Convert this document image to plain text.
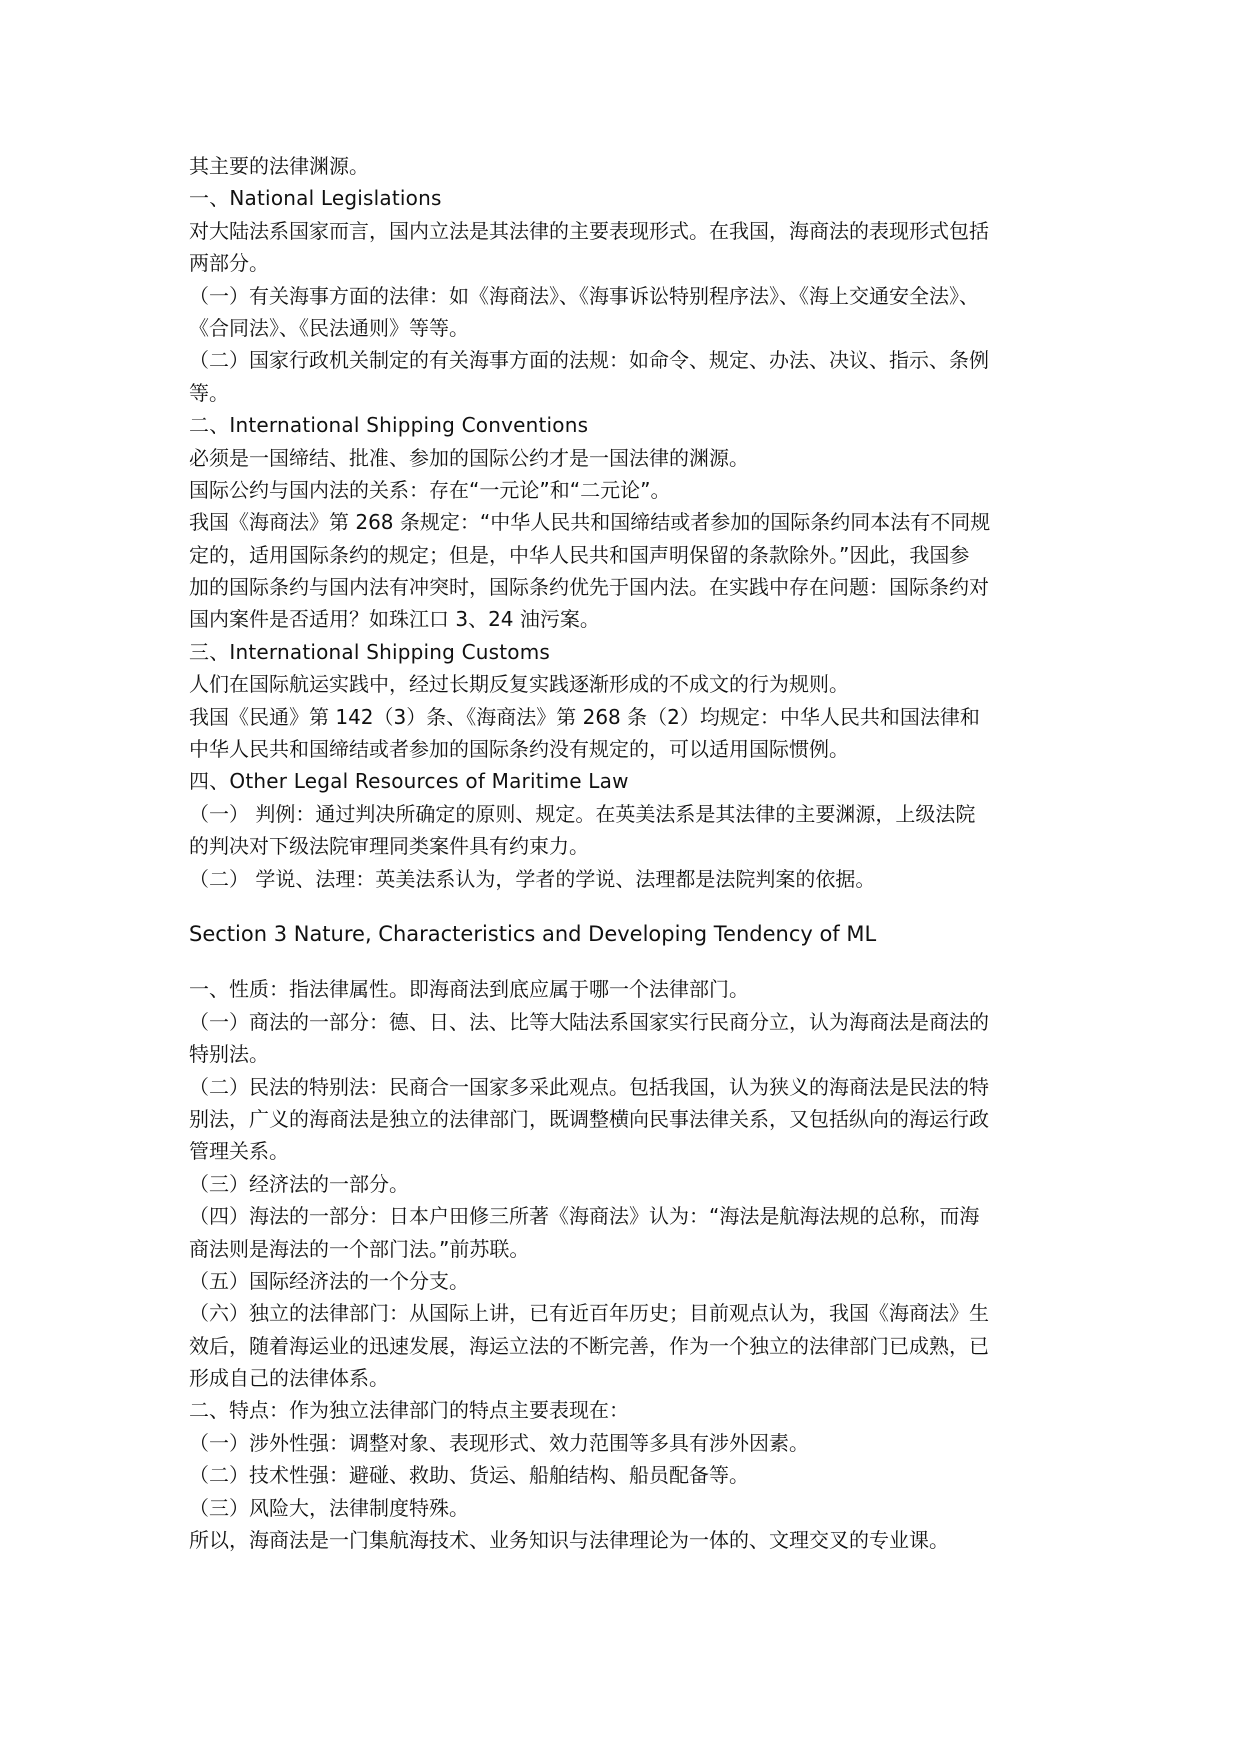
其主要的法律渊源。
一、National Legislations
对大陆法系国家而言，国内立法是其法律的主要表现形式。在我国，海商法的表现形式包括
两部分。
（一）有关海事方面的法律：如《海商法》、《海事诉讼特别程序法》、《海上交通安全法》、
《合同法》、《民法通则》等等。
（二）国家行政机关制定的有关海事方面的法规：如命令、规定、办法、决议、指示、条例
等。
二、International Shipping Conventions
必须是一国缔结、批准、参加的国际公约才是一国法律的渊源。
国际公约与国内法的关系：存在“一元论”和“二元论”。
我国《海商法》第 268 条规定：“中华人民共和国缔结或者参加的国际条约同本法有不同规
定的，适用国际条约的规定；但是，中华人民共和国声明保留的条款除外。”因此，我国参
加的国际条约与国内法有冲突时，国际条约优先于国内法。在实践中存在问题：国际条约对
国内案件是否适用？如珠江口 3、24 油污案。
三、International Shipping Customs
人们在国际航运实践中，经过长期反复实践逐渐形成的不成文的行为规则。
我国《民通》第 142（3）条、《海商法》第 268 条（2）均规定：中华人民共和国法律和
中华人民共和国缔结或者参加的国际条约没有规定的，可以适用国际惯例。
四、Other Legal Resources of Maritime Law
（一） 判例：通过判决所确定的原则、规定。在英美法系是其法律的主要渊源，上级法院
的判决对下级法院审理同类案件具有约束力。
（二） 学说、法理：英美法系认为，学者的学说、法理都是法院判案的依据。
Section 3 Nature, Characteristics and Developing Tendency of ML
一、性质：指法律属性。即海商法到底应属于哪一个法律部门。
（一）商法的一部分：德、日、法、比等大陆法系国家实行民商分立，认为海商法是商法的
特别法。
（二）民法的特别法：民商合一国家多采此观点。包括我国，认为狭义的海商法是民法的特
别法，广义的海商法是独立的法律部门，既调整横向民事法律关系，又包括纵向的海运行政
管理关系。
（三）经济法的一部分。
（四）海法的一部分：日本户田修三所著《海商法》认为：“海法是航海法规的总称，而海
商法则是海法的一个部门法。”前苏联。
（五）国际经济法的一个分支。
（六）独立的法律部门：从国际上讲，已有近百年历史；目前观点认为，我国《海商法》生
效后，随着海运业的迅速发展，海运立法的不断完善，作为一个独立的法律部门已成熟，已
形成自己的法律体系。
二、特点：作为独立法律部门的特点主要表现在：
（一）涉外性强：调整对象、表现形式、效力范围等多具有涉外因素。
（二）技术性强：避碰、救助、货运、船舶结构、船员配备等。
（三）风险大，法律制度特殊。
所以，海商法是一门集航海技术、业务知识与法律理论为一体的、文理交叉的专业课。
